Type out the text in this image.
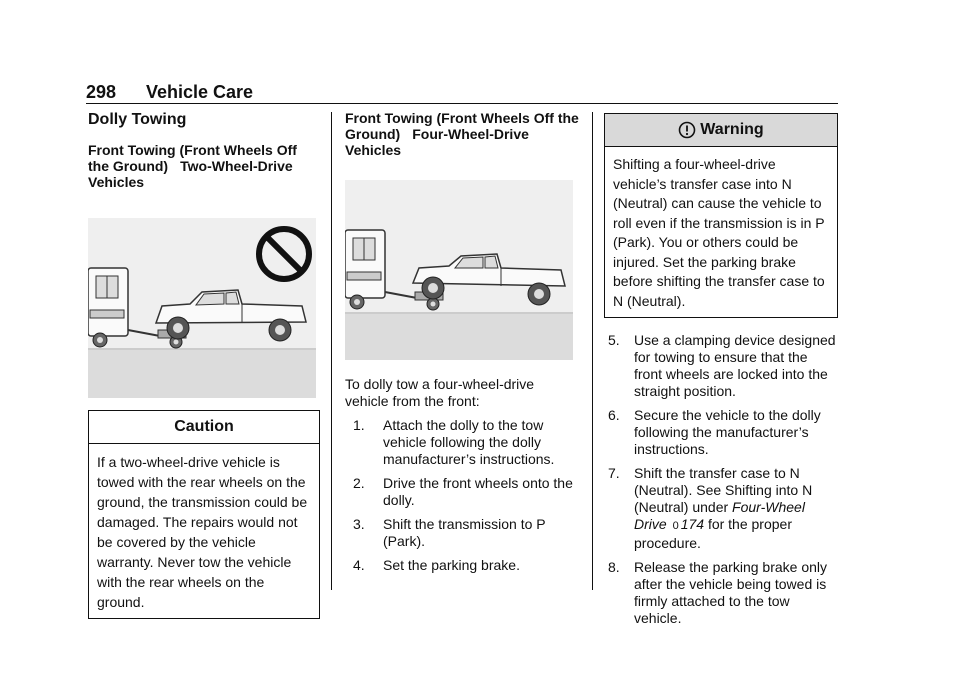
298 Vehicle Care
Dolly Towing

Front Towing (Front Wheels Off the Ground) Two-Wheel-Drive Vehicles

Caution
If a two-wheel-drive vehicle is towed with the rear wheels on the ground, the transmission could be damaged. The repairs would not be covered by the vehicle warranty. Never tow the vehicle with the rear wheels on the ground.

Front Towing (Front Wheels Off the Ground) Four-Wheel-Drive Vehicles

To dolly tow a four-wheel-drive vehicle from the front:

1.	Attach the dolly to the tow vehicle following the dolly manufacturer’s instructions.
2.	Drive the front wheels onto the dolly.
3.	Shift the transmission to P (Park).
4.	Set the parking brake.
Warning
Shifting a four-wheel-drive vehicle’s transfer case into N (Neutral) can cause the vehicle to roll even if the transmission is in P (Park). You or others could be injured. Set the parking brake before shifting the transfer case to N (Neutral).
5.	Use a clamping device designed for towing to ensure that the front wheels are locked into the straight position.
6.	Secure the vehicle to the dolly following the manufacturer’s instructions.
7.	Shift the transfer case to N (Neutral). See Shifting into N (Neutral) under Four-Wheel Drive 0 174 for the proper procedure.
8.	Release the parking brake only after the vehicle being towed is firmly attached to the tow vehicle.
